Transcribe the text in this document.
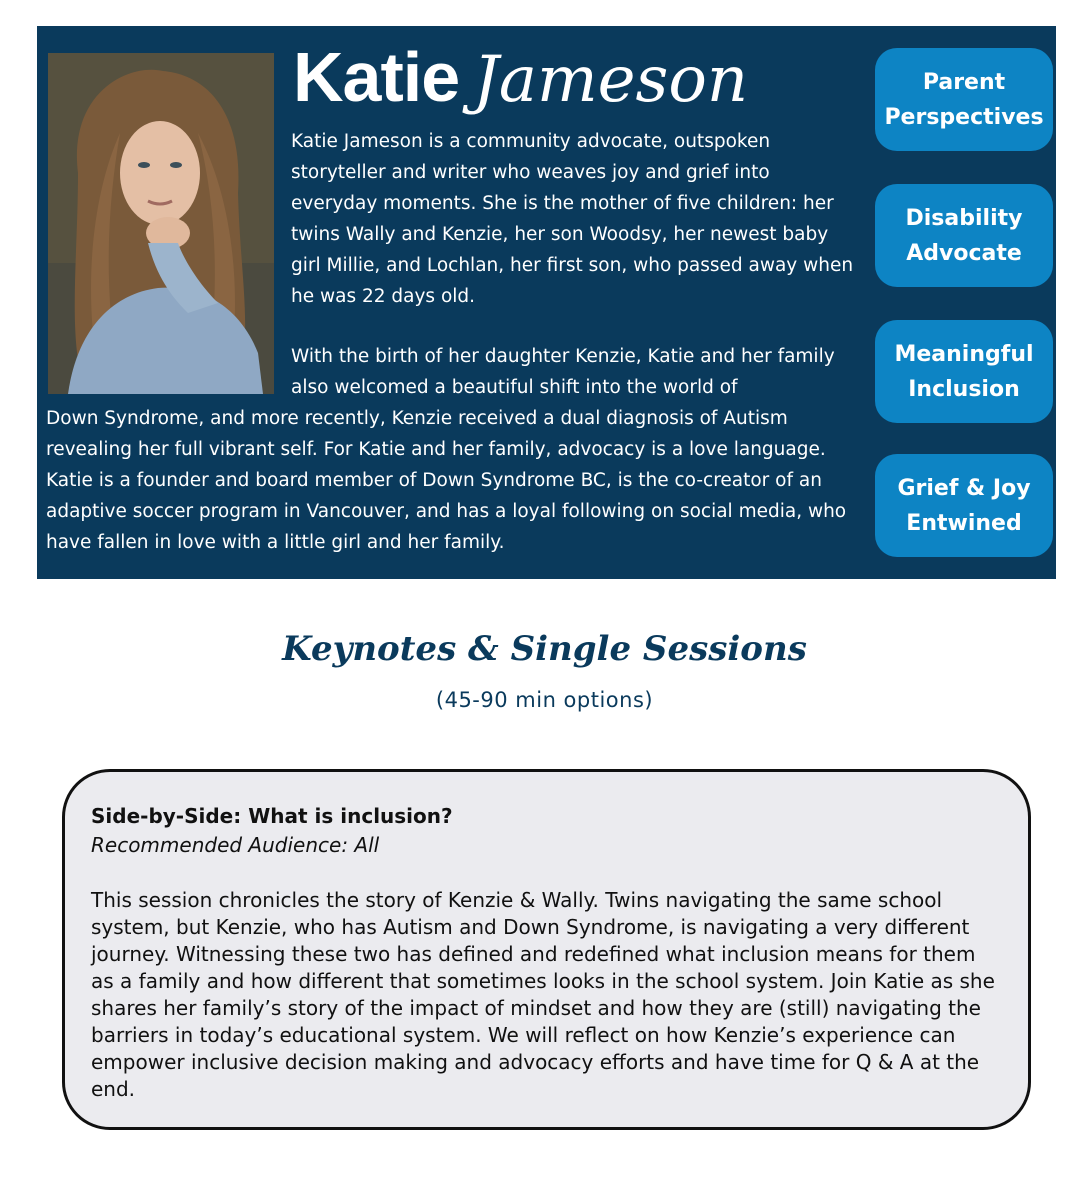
Katie Jameson

Katie Jameson is a community advocate, outspoken storyteller and writer who weaves joy and grief into everyday moments. She is the mother of five children: her twins Wally and Kenzie, her son Woodsy, her newest baby girl Millie, and Lochlan, her first son, who passed away when he was 22 days old.

With the birth of her daughter Kenzie, Katie and her family also welcomed a beautiful shift into the world of

Down Syndrome, and more recently, Kenzie received a dual diagnosis of Autism revealing her full vibrant self. For Katie and her family, advocacy is a love language. Katie is a founder and board member of Down Syndrome BC, is the co-creator of an adaptive soccer program in Vancouver, and has a loyal following on social media, who have fallen in love with a little girl and her family.

Parent
Perspectives
Disability
Advocate
Meaningful
Inclusion
Grief & Joy
Entwined
Keynotes & Single Sessions
(45-90 min options)
Side-by-Side: What is inclusion?
Recommended Audience: All

This session chronicles the story of Kenzie & Wally. Twins navigating the same school system, but Kenzie, who has Autism and Down Syndrome, is navigating a very different journey. Witnessing these two has defined and redefined what inclusion means for them as a family and how different that sometimes looks in the school system. Join Katie as she shares her family’s story of the impact of mindset and how they are (still) navigating the barriers in today’s educational system. We will reflect on how Kenzie’s experience can empower inclusive decision making and advocacy efforts and have time for Q & A at the end.
